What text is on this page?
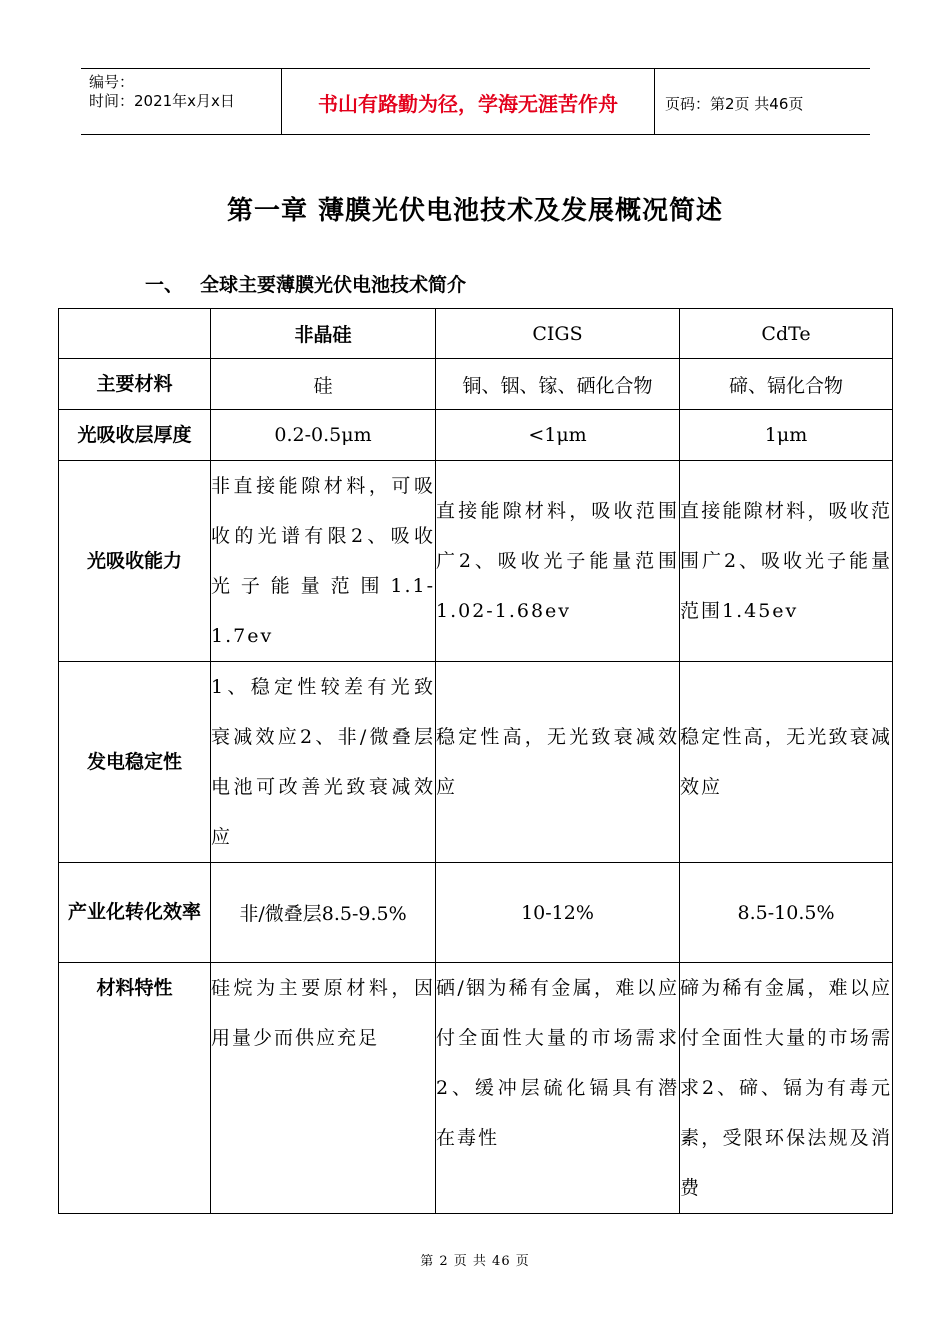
编号：
时间：2021年x月x日	书山有路勤为径，学海无涯苦作舟	页码：第2页 共46页
第一章 薄膜光伏电池技术及发展概况简述
一、 全球主要薄膜光伏电池技术简介
	非晶硅	CIGS	CdTe
主要材料	硅	铜、铟、镓、硒化合物	碲、镉化合物
光吸收层厚度	0.2-0.5μm	<1μm	1μm
光吸收能力	非直接能隙材料，可吸收的光谱有限2、吸收光子能量范围1.1-1.7ev	直接能隙材料，吸收范围广2、吸收光子能量范围1.02-1.68ev	直接能隙材料，吸收范围广2、吸收光子能量范围1.45ev
发电稳定性	1、稳定性较差有光致衰减效应2、非/微叠层电池可改善光致衰减效应	稳定性高，无光致衰减效应	稳定性高，无光致衰减效应
产业化转化效率	非/微叠层8.5-9.5%	10-12%	8.5-10.5%
材料特性	硅烷为主要原材料，因用量少而供应充足	硒/铟为稀有金属，难以应付全面性大量的市场需求2、缓冲层硫化镉具有潜在毒性	碲为稀有金属，难以应付全面性大量的市场需求2、碲、镉为有毒元素，受限环保法规及消费
第 2 页 共 46 页
